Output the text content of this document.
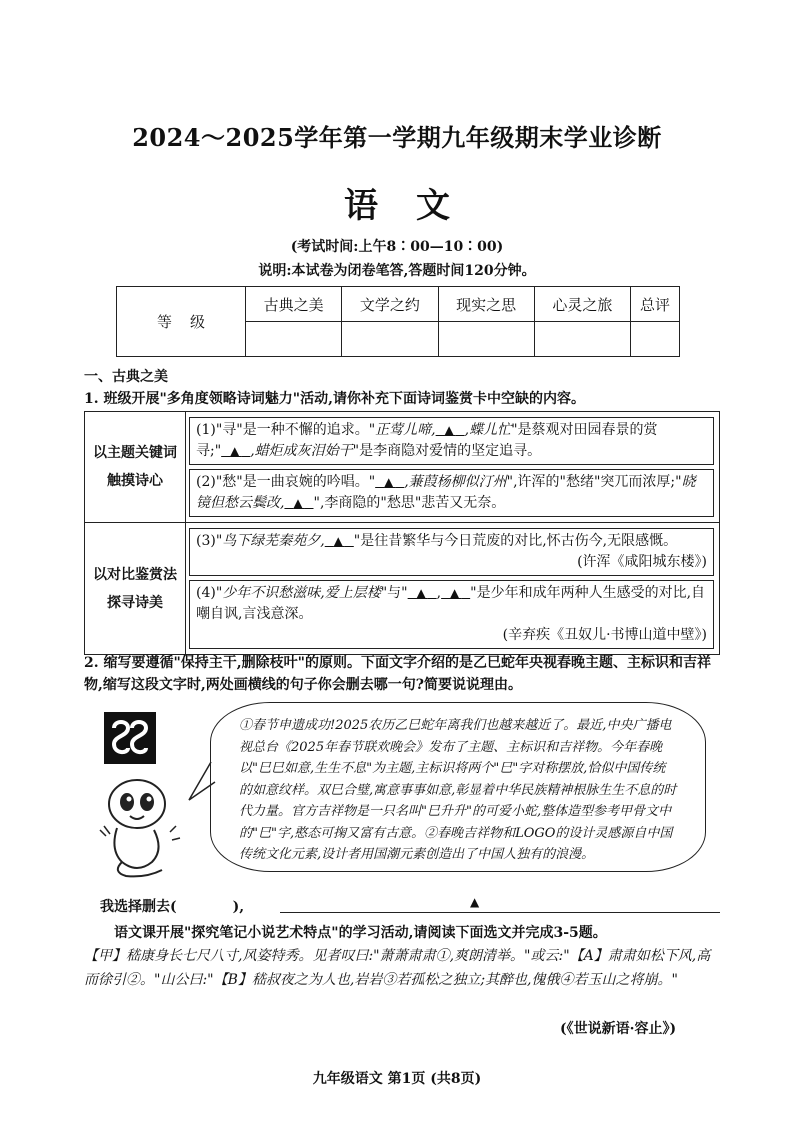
2024～2025学年第一学期九年级期末学业诊断
语文
(考试时间:上午8∶00—10∶00)
说明:本试卷为闭卷笔答,答题时间120分钟。
等级	古典之美	文学之约	现实之思	心灵之旅	总评

一、古典之美
1. 班级开展"多角度领略诗词魅力"活动,请你补充下面诗词鉴赏卡中空缺的内容。
以主题关键词触摸诗心	(1)"寻"是一种不懈的追求。"正莺儿啼, ▲ ,蝶儿忙"是蔡观对田园春景的赏寻;" ▲ ,蜡炬成灰泪始干"是李商隐对爱情的坚定追寻。
(2)"愁"是一曲哀婉的吟唱。" ▲ ,蒹葭杨柳似汀州",许浑的"愁绪"突兀而浓厚;"晓镜但愁云鬓改, ▲ ",李商隐的"愁思"悲苦又无奈。

以对比鉴赏法探寻诗美	(3)"鸟下绿芜秦苑夕, ▲ "是往昔繁华与今日荒废的对比,怀古伤今,无限感慨。
(许浑《咸阳城东楼》)
(4)"少年不识愁滋味,爱上层楼"与" ▲ , ▲ "是少年和成年两种人生感受的对比,自嘲自讽,言浅意深。
(辛弃疾《丑奴儿·书博山道中壁》)
2. 缩写要遵循"保持主干,删除枝叶"的原则。下面文字介绍的是乙巳蛇年央视春晚主题、主标识和吉祥物,缩写这段文字时,两处画横线的句子你会删去哪一句?简要说说理由。
①春节申遗成功!2025农历乙巳蛇年离我们也越来越近了。最近,中央广播电视总台《2025年春节联欢晚会》发布了主题、主标识和吉祥物。今年春晚以"巳巳如意,生生不息"为主题,主标识将两个"巳"字对称摆放,恰似中国传统的如意纹样。双巳合璧,寓意事事如意,彰显着中华民族精神根脉生生不息的时代力量。官方吉祥物是一只名叫"巳升升"的可爱小蛇,整体造型参考甲骨文中的"巳"字,憨态可掬又富有古意。②春晚吉祥物和LOGO的设计灵感源自中国传统文化元素,设计者用国潮元素创造出了中国人独有的浪漫。
我选择删去(	),	▲
语文课开展"探究笔记小说艺术特点"的学习活动,请阅读下面选文并完成3-5题。
【甲】嵇康身长七尺八寸,风姿特秀。见者叹曰:"萧萧肃肃①,爽朗清举。"或云:"【A】肃肃如松下风,高而徐引②。"山公曰:"【B】嵇叔夜之为人也,岩岩③若孤松之独立;其醉也,傀俄④若玉山之将崩。"
(《世说新语·容止》)
九年级语文 第1页 (共8页)
